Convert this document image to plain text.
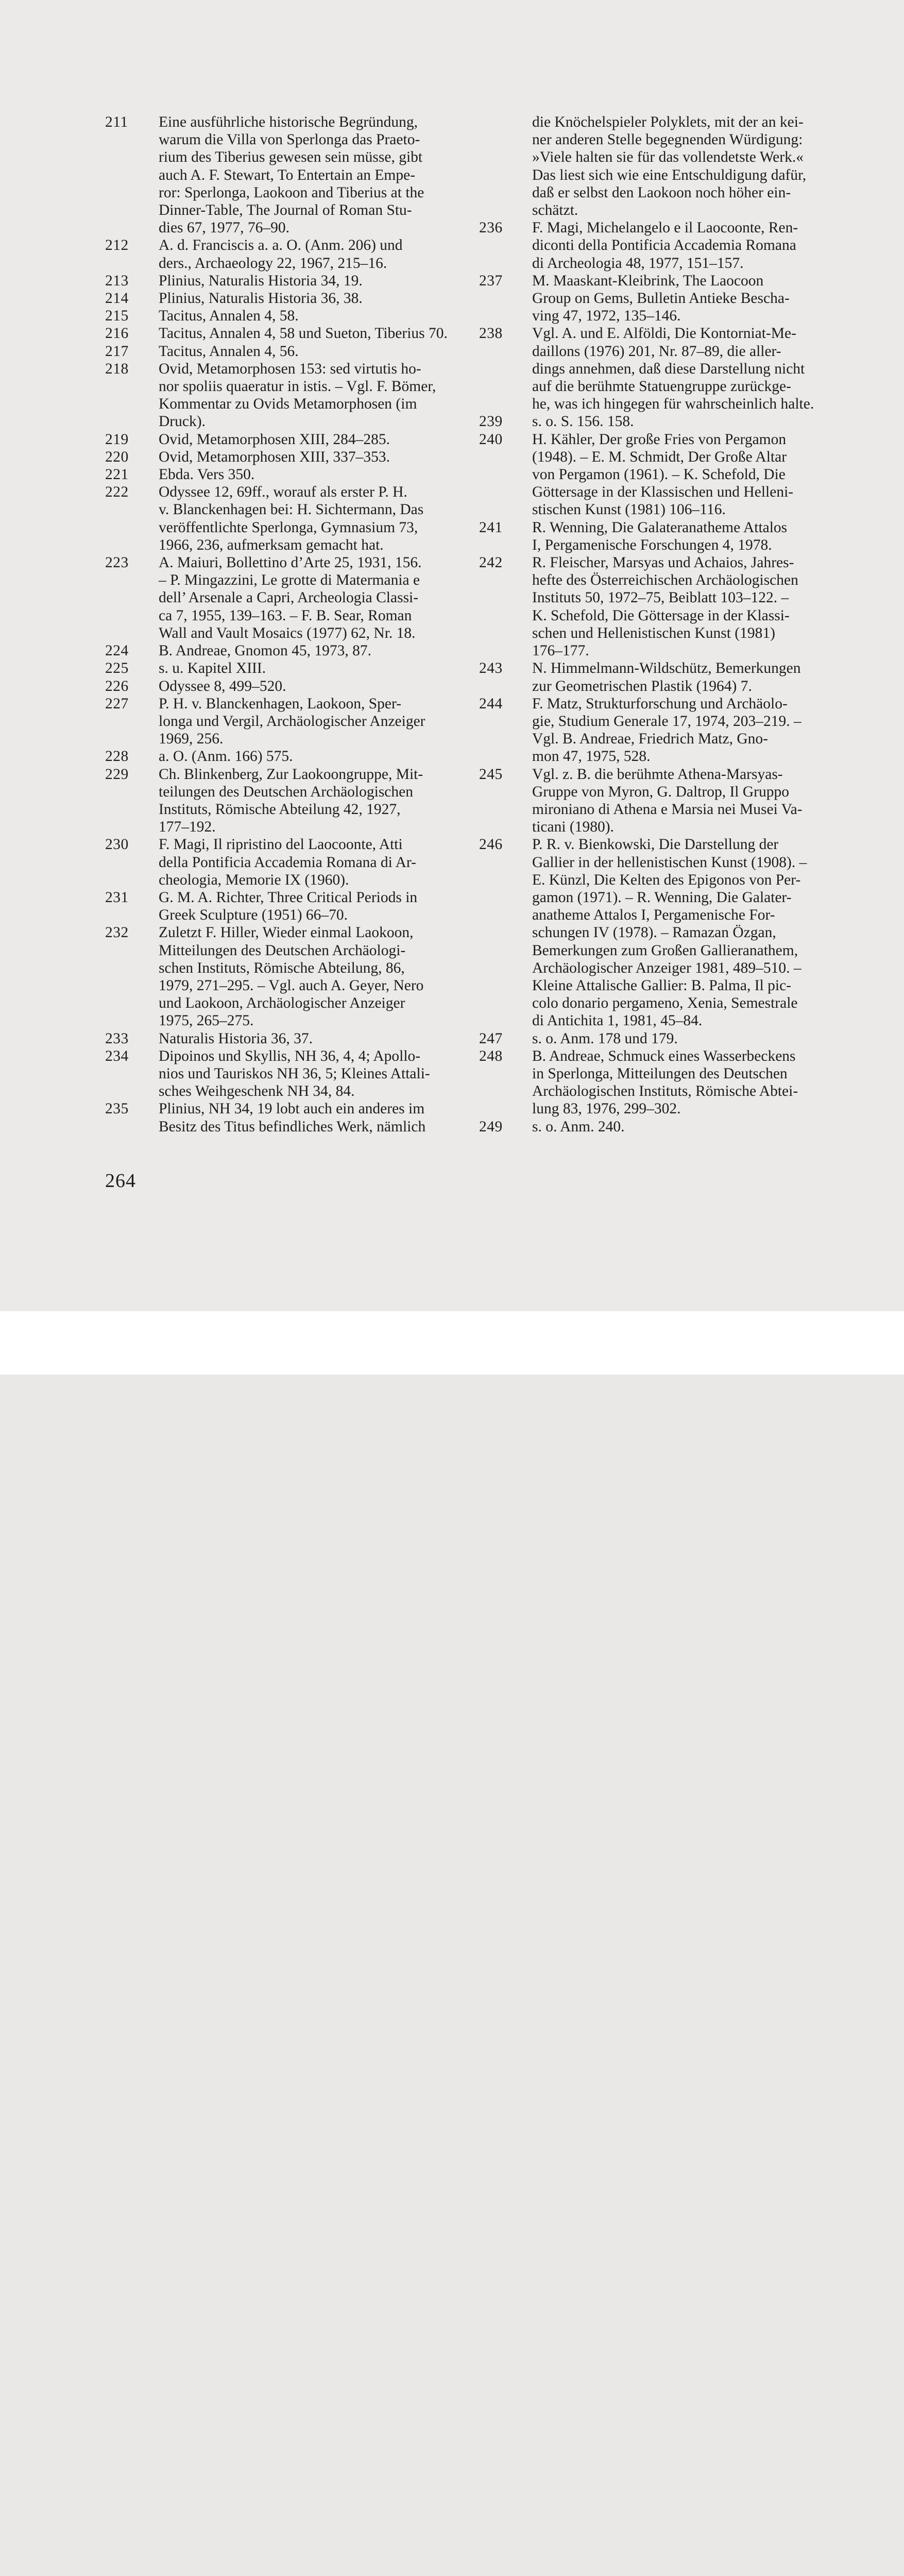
211	Eine ausführliche historische Begründung,
warum die Villa von Sperlonga das Praeto-
rium des Tiberius gewesen sein müsse, gibt
auch A. F. Stewart, To Entertain an Empe-
ror: Sperlonga, Laokoon and Tiberius at the
Dinner-Table, The Journal of Roman Stu-
dies 67, 1977, 76–90.
212	A. d. Franciscis a. a. O. (Anm. 206) und
ders., Archaeology 22, 1967, 215–16.
213	Plinius, Naturalis Historia 34, 19.
214	Plinius, Naturalis Historia 36, 38.
215	Tacitus, Annalen 4, 58.
216	Tacitus, Annalen 4, 58 und Sueton, Tiberius 70.
217	Tacitus, Annalen 4, 56.
218	Ovid, Metamorphosen 153: sed virtutis ho-
nor spoliis quaeratur in istis. – Vgl. F. Bömer,
Kommentar zu Ovids Metamorphosen (im
Druck).
219	Ovid, Metamorphosen XIII, 284–285.
220	Ovid, Metamorphosen XIII, 337–353.
221	Ebda. Vers 350.
222	Odyssee 12, 69ff., worauf als erster P. H.
v. Blanckenhagen bei: H. Sichtermann, Das
veröffentlichte Sperlonga, Gymnasium 73,
1966, 236, aufmerksam gemacht hat.
223	A. Maiuri, Bollettino d’Arte 25, 1931, 156.
– P. Mingazzini, Le grotte di Matermania e
dell’ Arsenale a Capri, Archeologia Classi-
ca 7, 1955, 139–163. – F. B. Sear, Roman
Wall and Vault Mosaics (1977) 62, Nr. 18.
224	B. Andreae, Gnomon 45, 1973, 87.
225	s. u. Kapitel XIII.
226	Odyssee 8, 499–520.
227	P. H. v. Blanckenhagen, Laokoon, Sper-
longa und Vergil, Archäologischer Anzeiger
1969, 256.
228	a. O. (Anm. 166) 575.
229	Ch. Blinkenberg, Zur Laokoongruppe, Mit-
teilungen des Deutschen Archäologischen
Instituts, Römische Abteilung 42, 1927,
177–192.
230	F. Magi, Il ripristino del Laocoonte, Atti
della Pontificia Accademia Romana di Ar-
cheologia, Memorie IX (1960).
231	G. M. A. Richter, Three Critical Periods in
Greek Sculpture (1951) 66–70.
232	Zuletzt F. Hiller, Wieder einmal Laokoon,
Mitteilungen des Deutschen Archäologi-
schen Instituts, Römische Abteilung, 86,
1979, 271–295. – Vgl. auch A. Geyer, Nero
und Laokoon, Archäologischer Anzeiger
1975, 265–275.
233	Naturalis Historia 36, 37.
234	Dipoinos und Skyllis, NH 36, 4, 4; Apollo-
nios und Tauriskos NH 36, 5; Kleines Attali-
sches Weihgeschenk NH 34, 84.
235	Plinius, NH 34, 19 lobt auch ein anderes im
Besitz des Titus befindliches Werk, nämlich
die Knöchelspieler Polyklets, mit der an kei-
ner anderen Stelle begegnenden Würdigung:
»Viele halten sie für das vollendetste Werk.«
Das liest sich wie eine Entschuldigung dafür,
daß er selbst den Laokoon noch höher ein-
schätzt.
236	F. Magi, Michelangelo e il Laocoonte, Ren-
diconti della Pontificia Accademia Romana
di Archeologia 48, 1977, 151–157.
237	M. Maaskant-Kleibrink, The Laocoon
Group on Gems, Bulletin Antieke Bescha-
ving 47, 1972, 135–146.
238	Vgl. A. und E. Alföldi, Die Kontorniat-Me-
daillons (1976) 201, Nr. 87–89, die aller-
dings annehmen, daß diese Darstellung nicht
auf die berühmte Statuengruppe zurückge-
he, was ich hingegen für wahrscheinlich halte.
239	s. o. S. 156. 158.
240	H. Kähler, Der große Fries von Pergamon
(1948). – E. M. Schmidt, Der Große Altar
von Pergamon (1961). – K. Schefold, Die
Göttersage in der Klassischen und Helleni-
stischen Kunst (1981) 106–116.
241	R. Wenning, Die Galateranatheme Attalos
I, Pergamenische Forschungen 4, 1978.
242	R. Fleischer, Marsyas und Achaios, Jahres-
hefte des Österreichischen Archäologischen
Instituts 50, 1972–75, Beiblatt 103–122. –
K. Schefold, Die Göttersage in der Klassi-
schen und Hellenistischen Kunst (1981)
176–177.
243	N. Himmelmann-Wildschütz, Bemerkungen
zur Geometrischen Plastik (1964) 7.
244	F. Matz, Strukturforschung und Archäolo-
gie, Studium Generale 17, 1974, 203–219. –
Vgl. B. Andreae, Friedrich Matz, Gno-
mon 47, 1975, 528.
245	Vgl. z. B. die berühmte Athena-Marsyas-
Gruppe von Myron, G. Daltrop, Il Gruppo
mironiano di Athena e Marsia nei Musei Va-
ticani (1980).
246	P. R. v. Bienkowski, Die Darstellung der
Gallier in der hellenistischen Kunst (1908). –
E. Künzl, Die Kelten des Epigonos von Per-
gamon (1971). – R. Wenning, Die Galater-
anatheme Attalos I, Pergamenische For-
schungen IV (1978). – Ramazan Özgan,
Bemerkungen zum Großen Gallieranathem,
Archäologischer Anzeiger 1981, 489–510. –
Kleine Attalische Gallier: B. Palma, Il pic-
colo donario pergameno, Xenia, Semestrale
di Antichita 1, 1981, 45–84.
247	s. o. Anm. 178 und 179.
248	B. Andreae, Schmuck eines Wasserbeckens
in Sperlonga, Mitteilungen des Deutschen
Archäologischen Instituts, Römische Abtei-
lung 83, 1976, 299–302.
249	s. o. Anm. 240.
264
